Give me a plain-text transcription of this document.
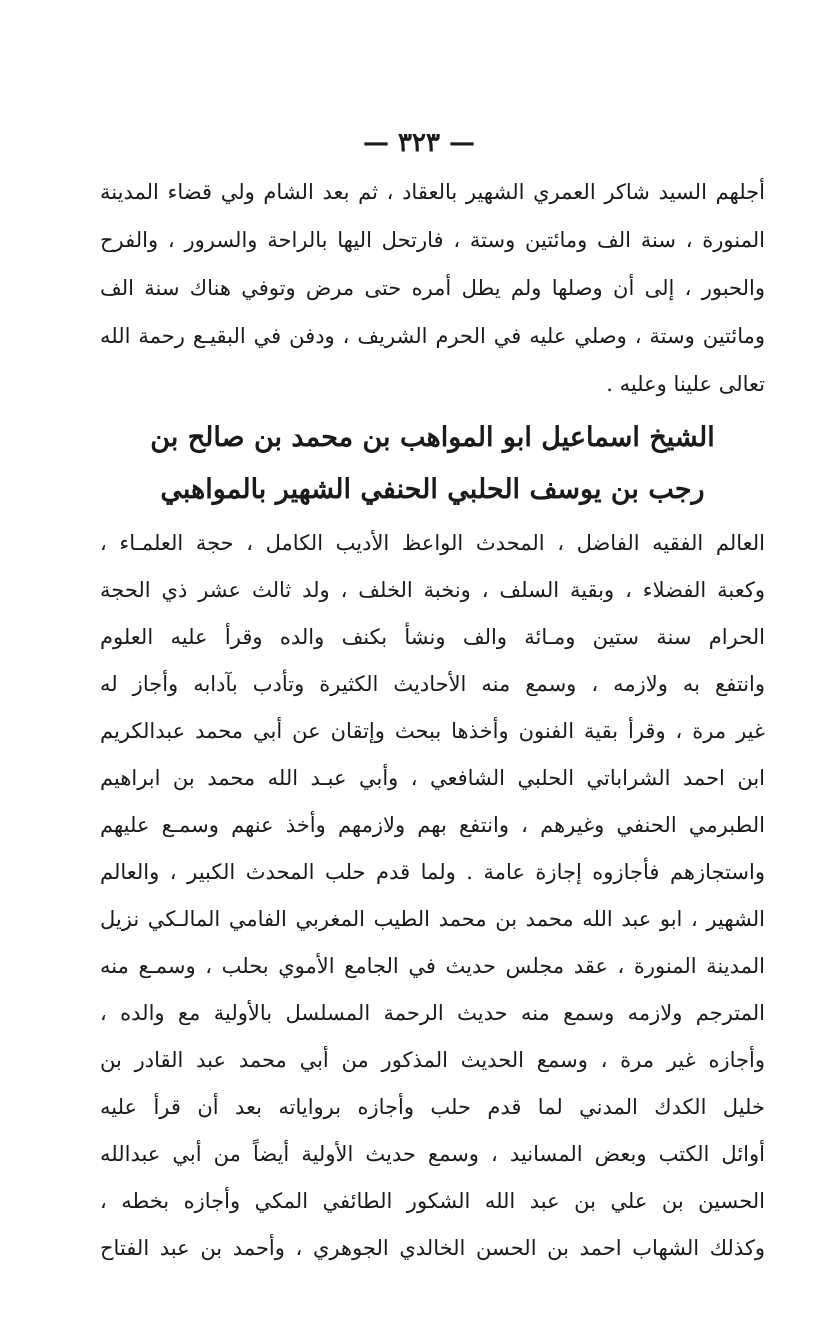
— ٣٢٣ —
أجلهم السيد شاكر العمري الشهير بالعقاد ، ثم بعد الشام ولي قضاء المدينة
المنورة ، سنة الف ومائتين وستة ، فارتحل اليها بالراحة والسرور ، والفرح
والحبور ، إلى أن وصلها ولم يطل أمره حتى مرض وتوفي هناك سنة الف
ومائتين وستة ، وصلي عليه في الحرم الشريف ، ودفن في البقيـع رحمة الله
تعالى علينا وعليه .
الشيخ اسماعيل ابو المواهب بن محمد بن صالح بن
رجب بن يوسف الحلبي الحنفي الشهير بالمواهبي
العالم الفقيه الفاضل ، المحدث الواعظ الأديب الكامل ، حجة العلمـاء ،
وكعبة الفضلاء ، وبقية السلف ، ونخبة الخلف ، ولد ثالث عشر ذي الحجة
الحرام سنة ستين ومـائة والف ونشأ بكنف والده وقرأ عليه العلوم
وانتفع به ولازمه ، وسمع منه الأحاديث الكثيرة وتأدب بآدابه وأجاز له
غير مرة ، وقرأ بقية الفنون وأخذها ببحث وإتقان عن أبي محمد عبدالكريم
ابن احمد الشراباتي الحلبي الشافعي ، وأبي عبـد الله محمد بن ابراهيم
الطبرمي الحنفي وغيرهم ، وانتفع بهم ولازمهم وأخذ عنهم وسمـع عليهم
واستجازهم فأجازوه إجازة عامة . ولما قدم حلب المحدث الكبير ، والعالم
الشهير ، ابو عبد الله محمد بن محمد الطيب المغربي الفامي المالـكي نزيل
المدينة المنورة ، عقد مجلس حديث في الجامع الأموي بحلب ، وسمـع منه
المترجم ولازمه وسمع منه حديث الرحمة المسلسل بالأولية مع والده ،
وأجازه غير مرة ، وسمع الحديث المذكور من أبي محمد عبد القادر بن
خليل الكدك المدني لما قدم حلب وأجازه برواياته بعد أن قرأ عليه
أوائل الكتب وبعض المسانيد ، وسمع حديث الأولية أيضاً من أبي عبدالله
الحسين بن علي بن عبد الله الشكور الطائفي المكي وأجازه بخطه ،
وكذلك الشهاب احمد بن الحسن الخالدي الجوهري ، وأحمد بن عبد الفتاح
